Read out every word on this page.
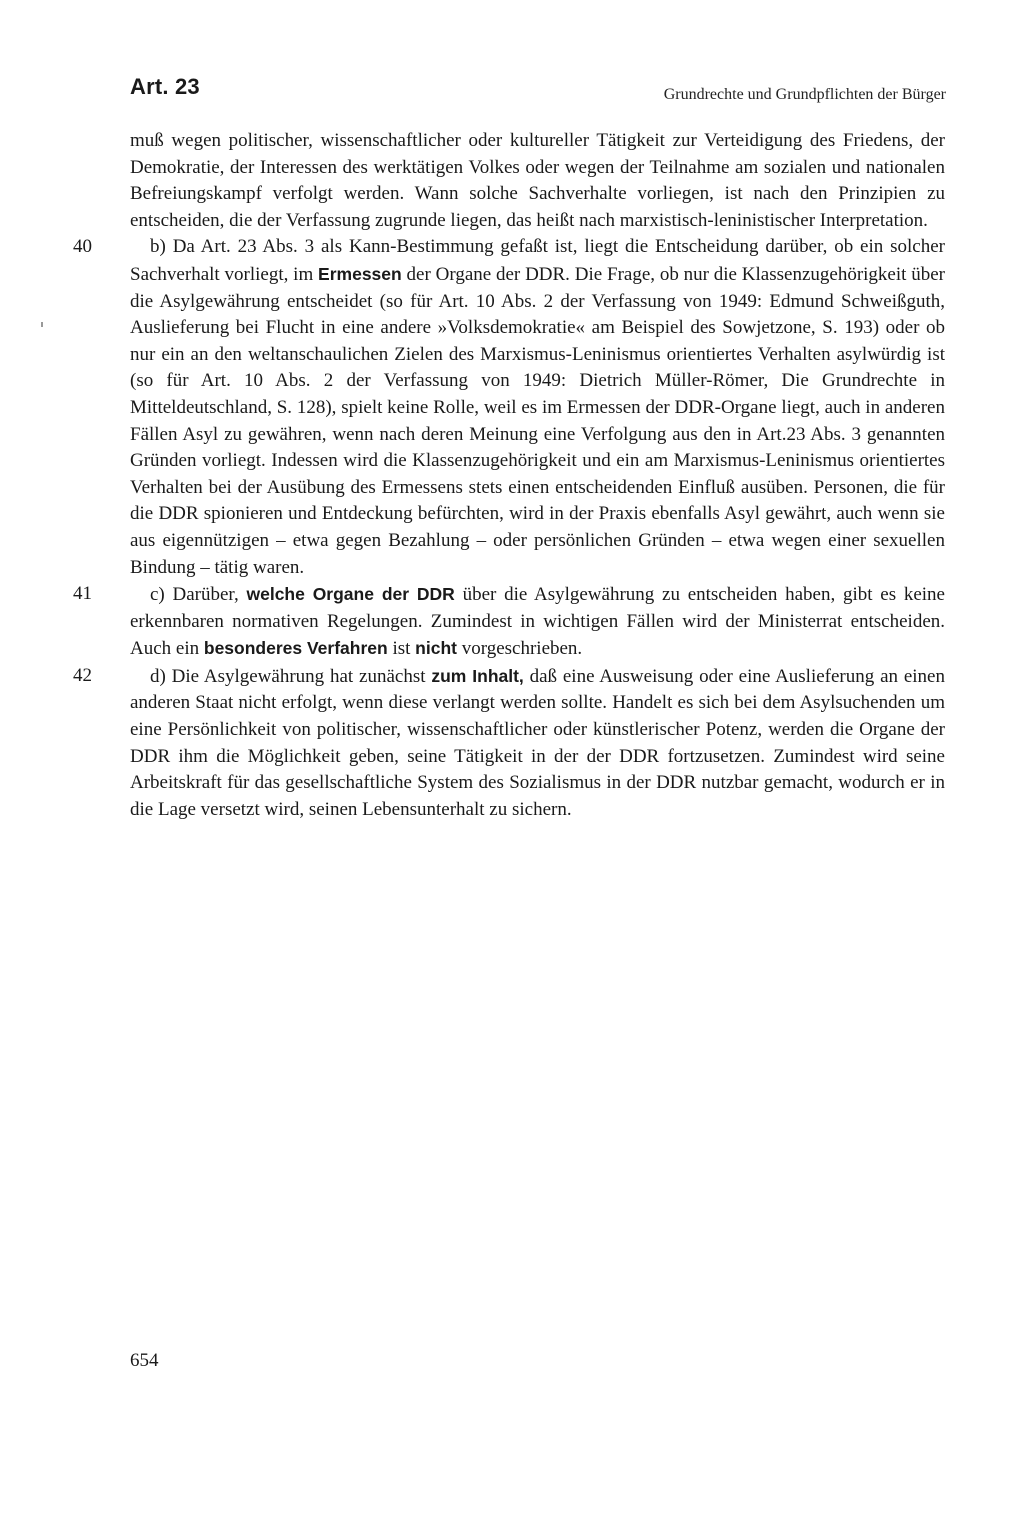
Art. 23	Grundrechte und Grundpflichten der Bürger

muß wegen politischer, wissenschaftlicher oder kultureller Tätigkeit zur Verteidigung des Friedens, der Demokratie, der Interessen des werktätigen Volkes oder wegen der Teilnahme am sozialen und nationalen Befreiungskampf verfolgt werden. Wann solche Sachverhalte vorliegen, ist nach den Prinzipien zu entscheiden, die der Verfassung zugrunde liegen, das heißt nach marxistisch-leninistischer Interpretation.

40	b) Da Art. 23 Abs. 3 als Kann-Bestimmung gefaßt ist, liegt die Entscheidung darüber, ob ein solcher Sachverhalt vorliegt, im Ermessen der Organe der DDR. Die Frage, ob nur die Klassenzugehörigkeit über die Asylgewährung entscheidet (so für Art. 10 Abs. 2 der Verfassung von 1949: Edmund Schweißguth, Auslieferung bei Flucht in eine andere »Volksdemokratie« am Beispiel des Sowjetzone, S. 193) oder ob nur ein an den weltanschaulichen Zielen des Marxismus-Leninismus orientiertes Verhalten asylwürdig ist (so für Art. 10 Abs. 2 der Verfassung von 1949: Dietrich Müller-Römer, Die Grundrechte in Mitteldeutschland, S. 128), spielt keine Rolle, weil es im Ermessen der DDR-Organe liegt, auch in anderen Fällen Asyl zu gewähren, wenn nach deren Meinung eine Verfolgung aus den in Art.23 Abs. 3 genannten Gründen vorliegt. Indessen wird die Klassenzugehörigkeit und ein am Marxismus-Leninismus orientiertes Verhalten bei der Ausübung des Ermessens stets einen entscheidenden Einfluß ausüben. Personen, die für die DDR spionieren und Entdeckung befürchten, wird in der Praxis ebenfalls Asyl gewährt, auch wenn sie aus eigennützigen – etwa gegen Bezahlung – oder persönlichen Gründen – etwa wegen einer sexuellen Bindung – tätig waren.

41	c) Darüber, welche Organe der DDR über die Asylgewährung zu entscheiden haben, gibt es keine erkennbaren normativen Regelungen. Zumindest in wichtigen Fällen wird der Ministerrat entscheiden. Auch ein besonderes Verfahren ist nicht vorgeschrieben.

42	d) Die Asylgewährung hat zunächst zum Inhalt, daß eine Ausweisung oder eine Auslieferung an einen anderen Staat nicht erfolgt, wenn diese verlangt werden sollte. Handelt es sich bei dem Asylsuchenden um eine Persönlichkeit von politischer, wissenschaftlicher oder künstlerischer Potenz, werden die Organe der DDR ihm die Möglichkeit geben, seine Tätigkeit in der der DDR fortzusetzen. Zumindest wird seine Arbeitskraft für das gesellschaftliche System des Sozialismus in der DDR nutzbar gemacht, wodurch er in die Lage versetzt wird, seinen Lebensunterhalt zu sichern.

654
